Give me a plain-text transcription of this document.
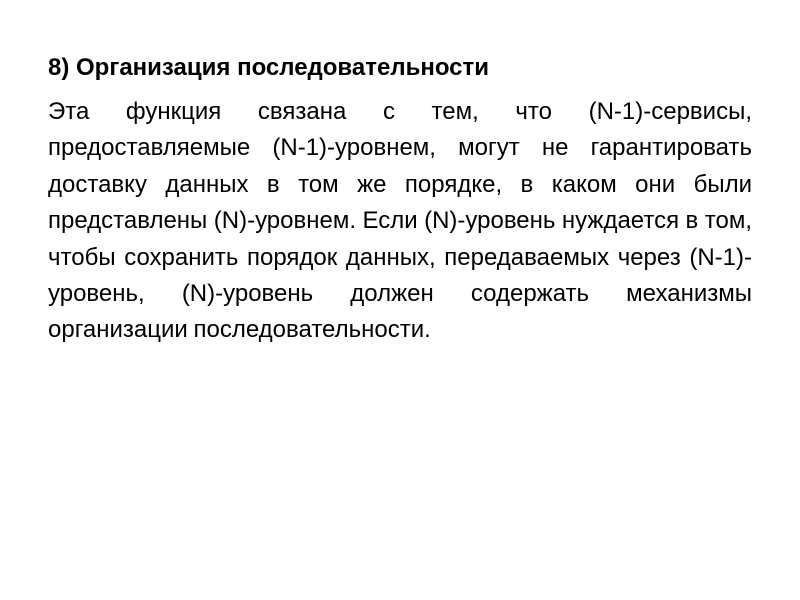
8) Организация последовательности

Эта функция связана с тем, что (N-1)-сервисы, предоставляемые (N-1)-уровнем, могут не гарантировать доставку данных в том же порядке, в каком они были представлены (N)-уровнем. Если (N)-уровень нуждается в том, чтобы сохранить порядок данных, передаваемых через (N-1)-уровень, (N)-уровень должен содержать механизмы организации последовательности.
